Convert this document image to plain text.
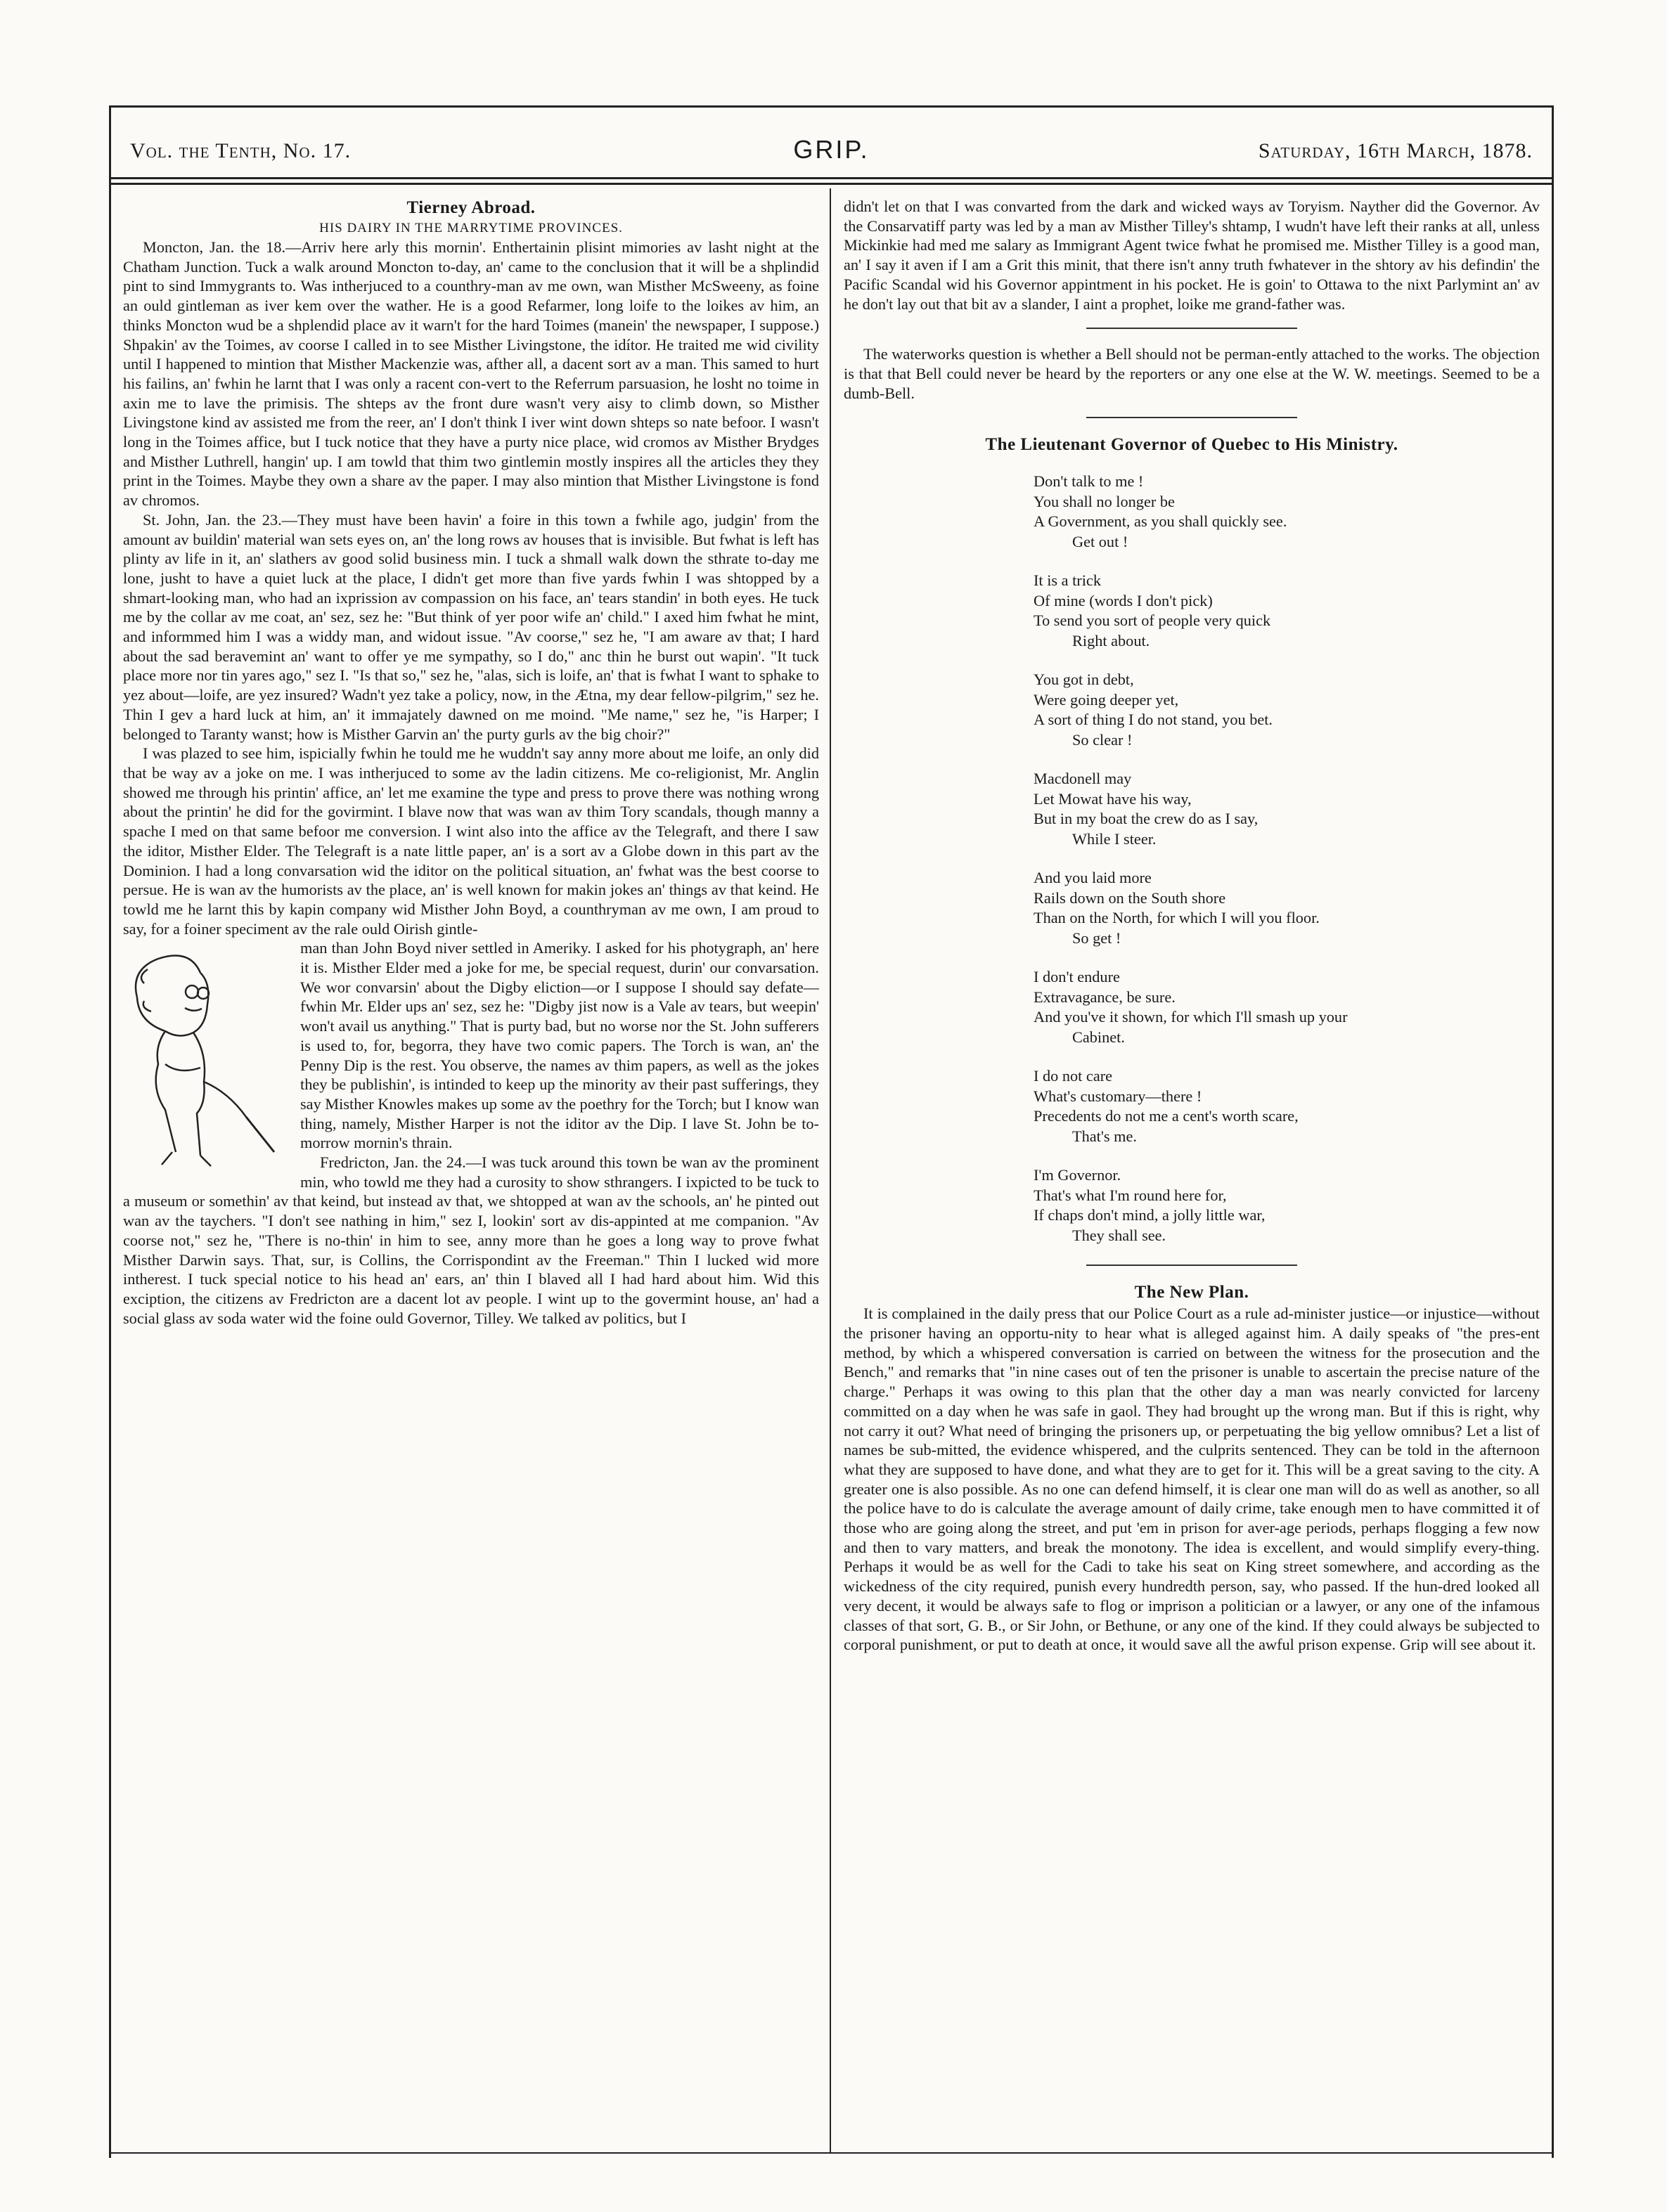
Vol. the Tenth, No. 17.	GRIP.	Saturday, 16th March, 1878.
Tierney Abroad.
HIS DAIRY IN THE MARRYTIME PROVINCES.

Moncton, Jan. the 18.—Arriv here arly this mornin'. Enthertainin plisint mimories av lasht night at the Chatham Junction. Tuck a walk around Moncton to-day, an' came to the conclusion that it will be a shplindid pint to sind Immygrants to. Was intherjuced to a counthry-man av me own, wan Misther McSweeny, as foine an ould gintleman as iver kem over the wather. He is a good Refarmer, long loife to the loikes av him, an thinks Moncton wud be a shplendid place av it warn't for the hard Toimes (manein' the newspaper, I suppose.) Shpakin' av the Toimes, av coorse I called in to see Misther Livingstone, the idítor. He traited me wid civility until I happened to mintion that Misther Mackenzie was, afther all, a dacent sort av a man. This samed to hurt his failins, an' fwhin he larnt that I was only a racent con-vert to the Referrum parsuasion, he losht no toime in axin me to lave the primisis. The shteps av the front dure wasn't very aisy to climb down, so Misther Livingstone kind av assisted me from the reer, an' I don't think I iver wint down shteps so nate befoor. I wasn't long in the Toimes affice, but I tuck notice that they have a purty nice place, wid cromos av Misther Brydges and Misther Luthrell, hangin' up. I am towld that thim two gintlemin mostly inspires all the articles they they print in the Toimes. Maybe they own a share av the paper. I may also mintion that Misther Livingstone is fond av chromos.

St. John, Jan. the 23.—They must have been havin' a foire in this town a fwhile ago, judgin' from the amount av buildin' material wan sets eyes on, an' the long rows av houses that is invisible. But fwhat is left has plinty av life in it, an' slathers av good solid business min. I tuck a shmall walk down the sthrate to-day me lone, jusht to have a quiet luck at the place, I didn't get more than five yards fwhin I was shtopped by a shmart-looking man, who had an ixprission av compassion on his face, an' tears standin' in both eyes. He tuck me by the collar av me coat, an' sez, sez he: "But think of yer poor wife an' child." I axed him fwhat he mint, and informmed him I was a widdy man, and widout issue. "Av coorse," sez he, "I am aware av that; I hard about the sad beravemint an' want to offer ye me sympathy, so I do," anc thin he burst out wapin'. "It tuck place more nor tin yares ago," sez I. "Is that so," sez he, "alas, sich is loife, an' that is fwhat I want to sphake to yez about—loife, are yez insured? Wadn't yez take a policy, now, in the Ætna, my dear fellow-pilgrim," sez he. Thin I gev a hard luck at him, an' it immajately dawned on me moind. "Me name," sez he, "is Harper; I belonged to Taranty wanst; how is Misther Garvin an' the purty gurls av the big choir?"

I was plazed to see him, ispicially fwhin he tould me he wuddn't say anny more about me loife, an only did that be way av a joke on me. I was intherjuced to some av the ladin citizens. Me co-religionist, Mr. Anglin showed me through his printin' affice, an' let me examine the type and press to prove there was nothing wrong about the printin' he did for the govirmint. I blave now that was wan av thim Tory scandals, though manny a spache I med on that same befoor me conversion. I wint also into the affice av the Telegraft, and there I saw the iditor, Misther Elder. The Telegraft is a nate little paper, an' is a sort av a Globe down in this part av the Dominion. I had a long convarsation wid the iditor on the political situation, an' fwhat was the best coorse to persue. He is wan av the humorists av the place, an' is well known for makin jokes an' things av that keind. He towld me he larnt this by kapin company wid Misther John Boyd, a counthryman av me own, I am proud to say, for a foiner speciment av the rale ould Oirish gintle-

man than John Boyd niver settled in Ameriky. I asked for his photygraph, an' here it is. Misther Elder med a joke for me, be special request, durin' our convarsation. We wor convarsin' about the Digby eliction—or I suppose I should say defate—fwhin Mr. Elder ups an' sez, sez he: "Digby jist now is a Vale av tears, but weepin' won't avail us anything." That is purty bad, but no worse nor the St. John sufferers is used to, for, begorra, they have two comic papers. The Torch is wan, an' the Penny Dip is the rest. You observe, the names av thim papers, as well as the jokes they be publishin', is intinded to keep up the minority av their past sufferings, they say Misther Knowles makes up some av the poethry for the Torch; but I know wan thing, namely, Misther Harper is not the iditor av the Dip. I lave St. John be to-morrow mornin's thrain.

Fredricton, Jan. the 24.—I was tuck around this town be wan av the prominent min, who towld me they had a curosity to show sthrangers. I ixpicted to be tuck to a museum or somethin' av that keind, but instead av that, we shtopped at wan av the schools, an' he pinted out wan av the taychers. "I don't see nathing in him," sez I, lookin' sort av dis-appinted at me companion. "Av coorse not," sez he, "There is no-thin' in him to see, anny more than he goes a long way to prove fwhat Misther Darwin says. That, sur, is Collins, the Corrispondint av the Freeman." Thin I lucked wid more intherest. I tuck special notice to his head an' ears, an' thin I blaved all I had hard about him. Wid this exciption, the citizens av Fredricton are a dacent lot av people. I wint up to the govermint house, an' had a social glass av soda water wid the foine ould Governor, Tilley. We talked av politics, but I

didn't let on that I was convarted from the dark and wicked ways av Toryism. Nayther did the Governor. Av the Consarvatiff party was led by a man av Misther Tilley's shtamp, I wudn't have left their ranks at all, unless Mickinkie had med me salary as Immigrant Agent twice fwhat he promised me. Misther Tilley is a good man, an' I say it aven if I am a Grit this minit, that there isn't anny truth fwhatever in the shtory av his defindin' the Pacific Scandal wid his Governor appintment in his pocket. He is goin' to Ottawa to the nixt Parlymint an' av he don't lay out that bit av a slander, I aint a prophet, loike me grand-father was.

The waterworks question is whether a Bell should not be perman-ently attached to the works. The objection is that that Bell could never be heard by the reporters or any one else at the W. W. meetings. Seemed to be a dumb-Bell.

The Lieutenant Governor of Quebec to His Ministry.
Don't talk to me !
You shall no longer be
A Government, as you shall quickly see.
Get out !
It is a trick
Of mine (words I don't pick)
To send you sort of people very quick
Right about.
You got in debt,
Were going deeper yet,
A sort of thing I do not stand, you bet.
So clear !
Macdonell may
Let Mowat have his way,
But in my boat the crew do as I say,
While I steer.
And you laid more
Rails down on the South shore
Than on the North, for which I will you floor.
So get !
I don't endure
Extravagance, be sure.
And you've it shown, for which I'll smash up your
Cabinet.
I do not care
What's customary—there !
Precedents do not me a cent's worth scare,
That's me.
I'm Governor.
That's what I'm round here for,
If chaps don't mind, a jolly little war,
They shall see.
The New Plan.

It is complained in the daily press that our Police Court as a rule ad-minister justice—or injustice—without the prisoner having an opportu-nity to hear what is alleged against him. A daily speaks of "the pres-ent method, by which a whispered conversation is carried on between the witness for the prosecution and the Bench," and remarks that "in nine cases out of ten the prisoner is unable to ascertain the precise nature of the charge." Perhaps it was owing to this plan that the other day a man was nearly convicted for larceny committed on a day when he was safe in gaol. They had brought up the wrong man. But if this is right, why not carry it out? What need of bringing the prisoners up, or perpetuating the big yellow omnibus? Let a list of names be sub-mitted, the evidence whispered, and the culprits sentenced. They can be told in the afternoon what they are supposed to have done, and what they are to get for it. This will be a great saving to the city. A greater one is also possible. As no one can defend himself, it is clear one man will do as well as another, so all the police have to do is calculate the average amount of daily crime, take enough men to have committed it of those who are going along the street, and put 'em in prison for aver-age periods, perhaps flogging a few now and then to vary matters, and break the monotony. The idea is excellent, and would simplify every-thing. Perhaps it would be as well for the Cadi to take his seat on King street somewhere, and according as the wickedness of the city required, punish every hundredth person, say, who passed. If the hun-dred looked all very decent, it would be always safe to flog or imprison a politician or a lawyer, or any one of the infamous classes of that sort, G. B., or Sir John, or Bethune, or any one of the kind. If they could always be subjected to corporal punishment, or put to death at once, it would save all the awful prison expense. Grip will see about it.
